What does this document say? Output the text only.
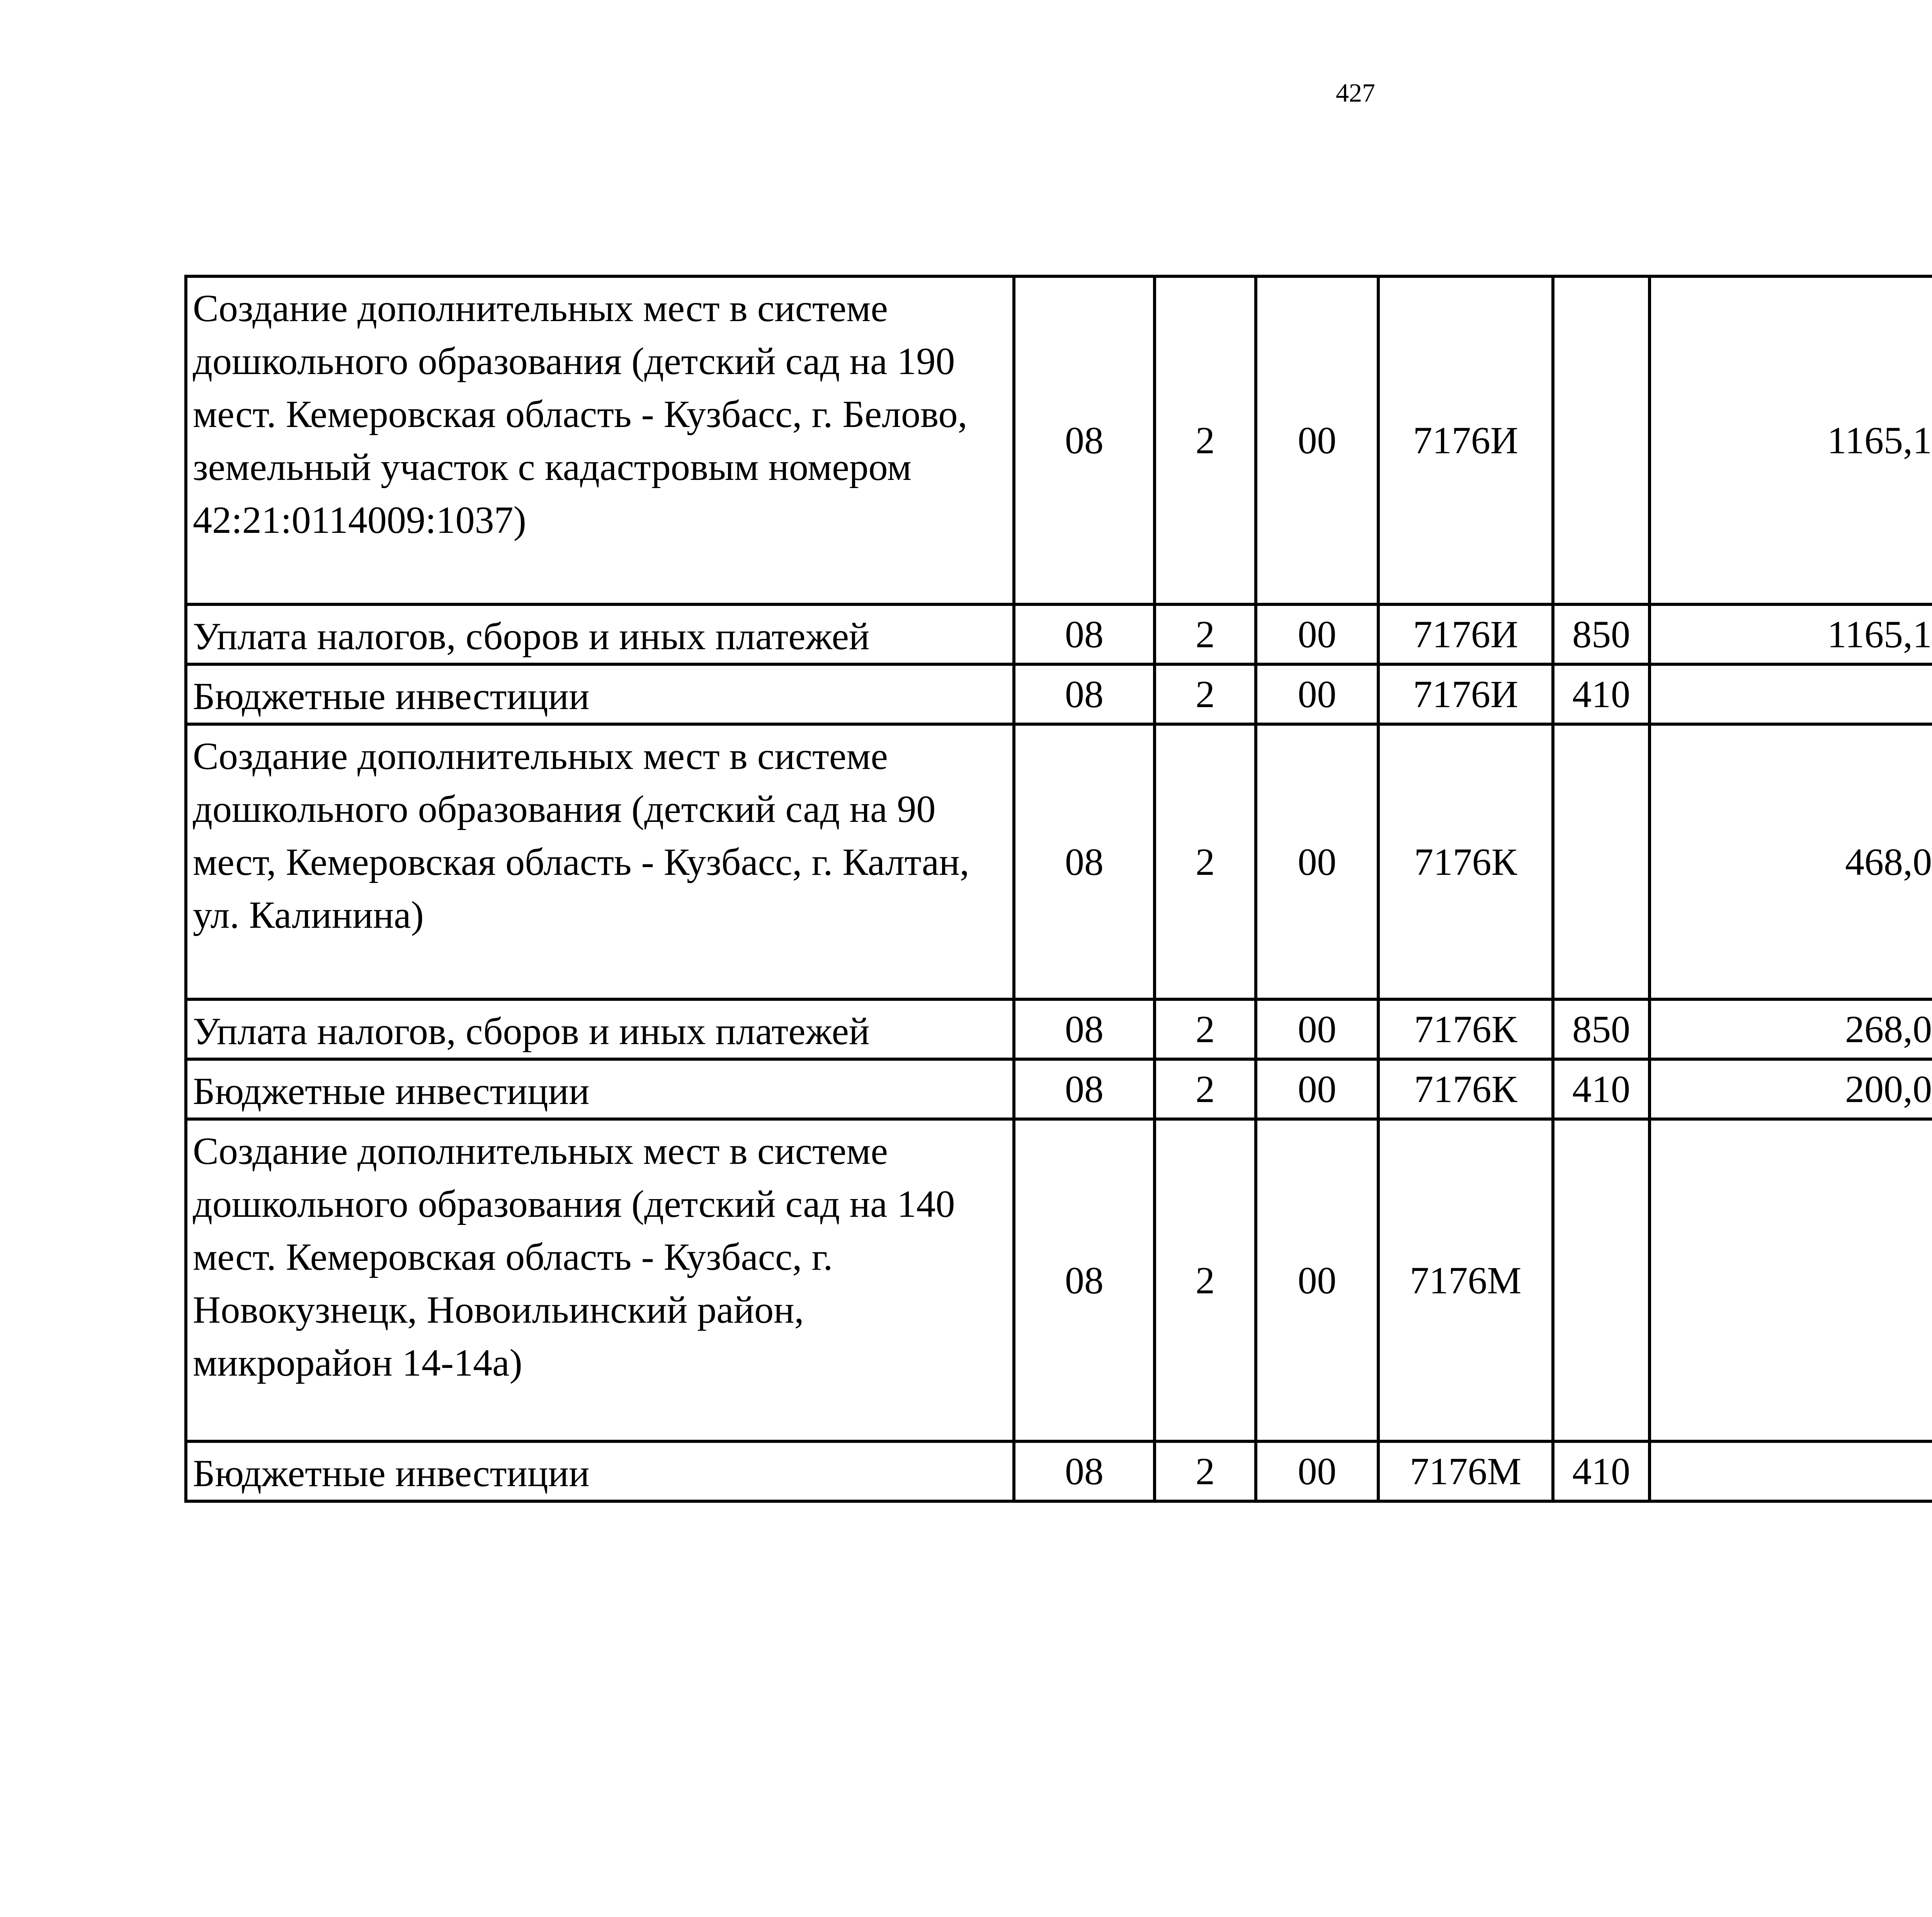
427
Создание дополнительных мест в системе дошкольного образования (детский сад на 190 мест. Кемеровская область - Кузбасс, г. Белово, земельный участок с кадастровым номером 42:21:0114009:1037)	08	2	00	7176И		1165,1		
Уплата налогов, сборов и иных платежей	08	2	00	7176И	850	1165,1		
Бюджетные инвестиции	08	2	00	7176И	410			
Создание дополнительных мест в системе дошкольного образования (детский сад на 90 мест, Кемеровская область - Кузбасс, г. Калтан, ул. Калинина)	08	2	00	7176К		468,0		
Уплата налогов, сборов и иных платежей	08	2	00	7176К	850	268,0		
Бюджетные инвестиции	08	2	00	7176К	410	200,0		
Создание дополнительных мест в системе дошкольного образования (детский сад на 140 мест. Кемеровская область - Кузбасс, г. Новокузнецк, Новоильинский район, микрорайон 14-14а)	08	2	00	7176М				
Бюджетные инвестиции	08	2	00	7176М	410			
